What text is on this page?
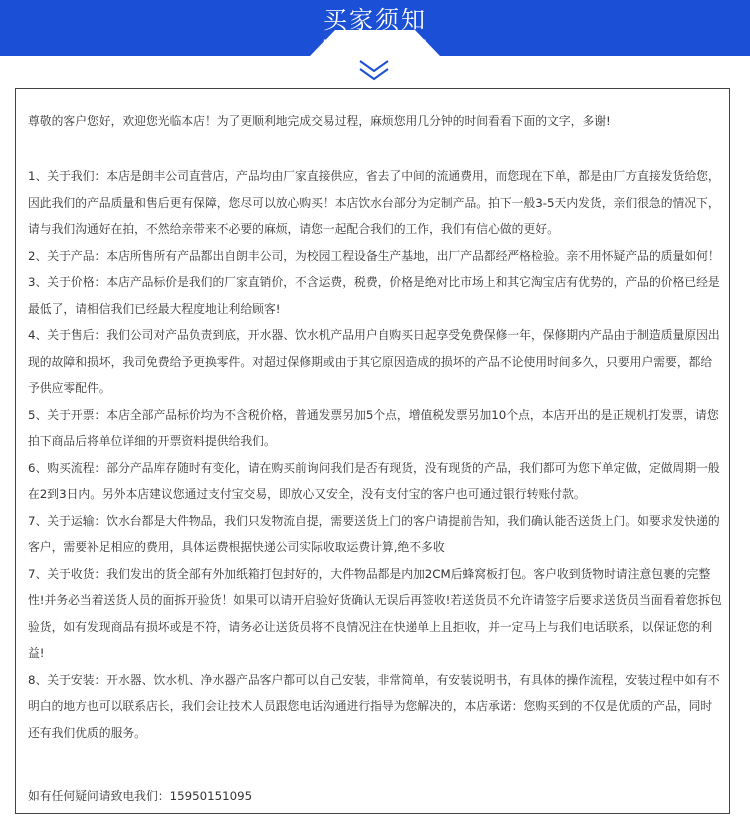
买家须知
BUYERS INSTRUCTIONS
尊敬的客户您好，欢迎您光临本店！为了更顺利地完成交易过程，麻烦您用几分钟的时间看看下面的文字，多谢!

1、关于我们：本店是朗丰公司直营店，产品均由厂家直接供应，省去了中间的流通费用，而您现在下单，都是由厂方直接发货给您，因此我们的产品质量和售后更有保障，您尽可以放心购买！本店饮水台部分为定制产品。拍下一般3-5天内发货，亲们很急的情况下，请与我们沟通好在拍，不然给亲带来不必要的麻烦，请您一起配合我们的工作，我们有信心做的更好。

2、关于产品：本店所售所有产品都出自朗丰公司，为校园工程设备生产基地，出厂产品都经严格检验。亲不用怀疑产品的质量如何！

3、关于价格：本店产品标价是我们的厂家直销价，不含运费，税费，价格是绝对比市场上和其它淘宝店有优势的，产品的价格已经是最低了，请相信我们已经最大程度地让利给顾客!

4、关于售后：我们公司对产品负责到底，开水器、饮水机产品用户自购买日起享受免费保修一年，保修期内产品由于制造质量原因出现的故障和损坏，我司免费给予更换零件。对超过保修期或由于其它原因造成的损坏的产品不论使用时间多久，只要用户需要，都给予供应零配件。

5、关于开票：本店全部产品标价均为不含税价格，普通发票另加5个点，增值税发票另加10个点，本店开出的是正规机打发票，请您拍下商品后将单位详细的开票资料提供给我们。

6、购买流程：部分产品库存随时有变化，请在购买前询问我们是否有现货，没有现货的产品，我们都可为您下单定做，定做周期一般在2到3日内。另外本店建议您通过支付宝交易，即放心又安全，没有支付宝的客户也可通过银行转账付款。

7、关于运输：饮水台都是大件物品，我们只发物流自提，需要送货上门的客户请提前告知，我们确认能否送货上门。如要求发快递的客户，需要补足相应的费用，具体运费根据快递公司实际收取运费计算,绝不多收

7、关于收货：我们发出的货全部有外加纸箱打包封好的，大件物品都是内加2CM后蜂窝板打包。客户收到货物时请注意包裹的完整性!并务必当着送货人员的面拆开验货！如果可以请开启验好货确认无误后再签收!若送货员不允许请签字后要求送货员当面看着您拆包验货，如有发现商品有损坏或是不符，请务必让送货员将不良情况注在快递单上且拒收，并一定马上与我们电话联系，以保证您的利益!

8、关于安装：开水器、饮水机、净水器产品客户都可以自己安装，非常简单，有安装说明书，有具体的操作流程，安装过程中如有不明白的地方也可以联系店长，我们会让技术人员跟您电话沟通进行指导为您解决的，本店承诺：您购买到的不仅是优质的产品，同时还有我们优质的服务。

如有任何疑问请致电我们：15950151095
